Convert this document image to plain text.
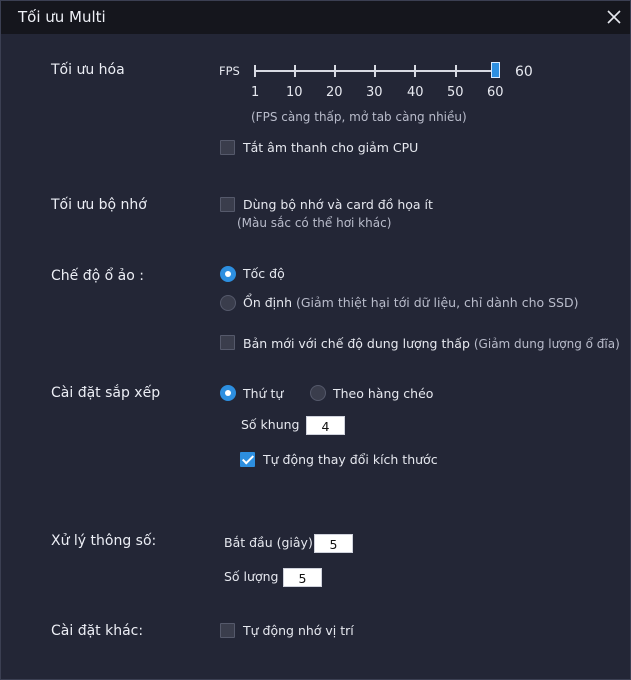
Tối ưu Multi
Tối ưu hóa	FPS	60
1 10 20 30 40 50 60
(FPS càng thấp, mở tab càng nhiều)
Tắt âm thanh cho giảm CPU
Tối ưu bộ nhớ	Dùng bộ nhớ và card đồ họa ít
(Màu sắc có thể hơi khác)
Chế độ ổ ảo :	Tốc độ
Ổn định (Giảm thiệt hại tới dữ liệu, chỉ dành cho SSD)
Bản mới với chế độ dung lượng thấp (Giảm dung lượng ổ đĩa)
Cài đặt sắp xếp	Thứ tự	Theo hàng chéo
Số khung	4
Tự động thay đổi kích thước
Xử lý thông số:	Bắt đầu (giây)	5
Số lượng	5
Cài đặt khác:	Tự động nhớ vị trí
